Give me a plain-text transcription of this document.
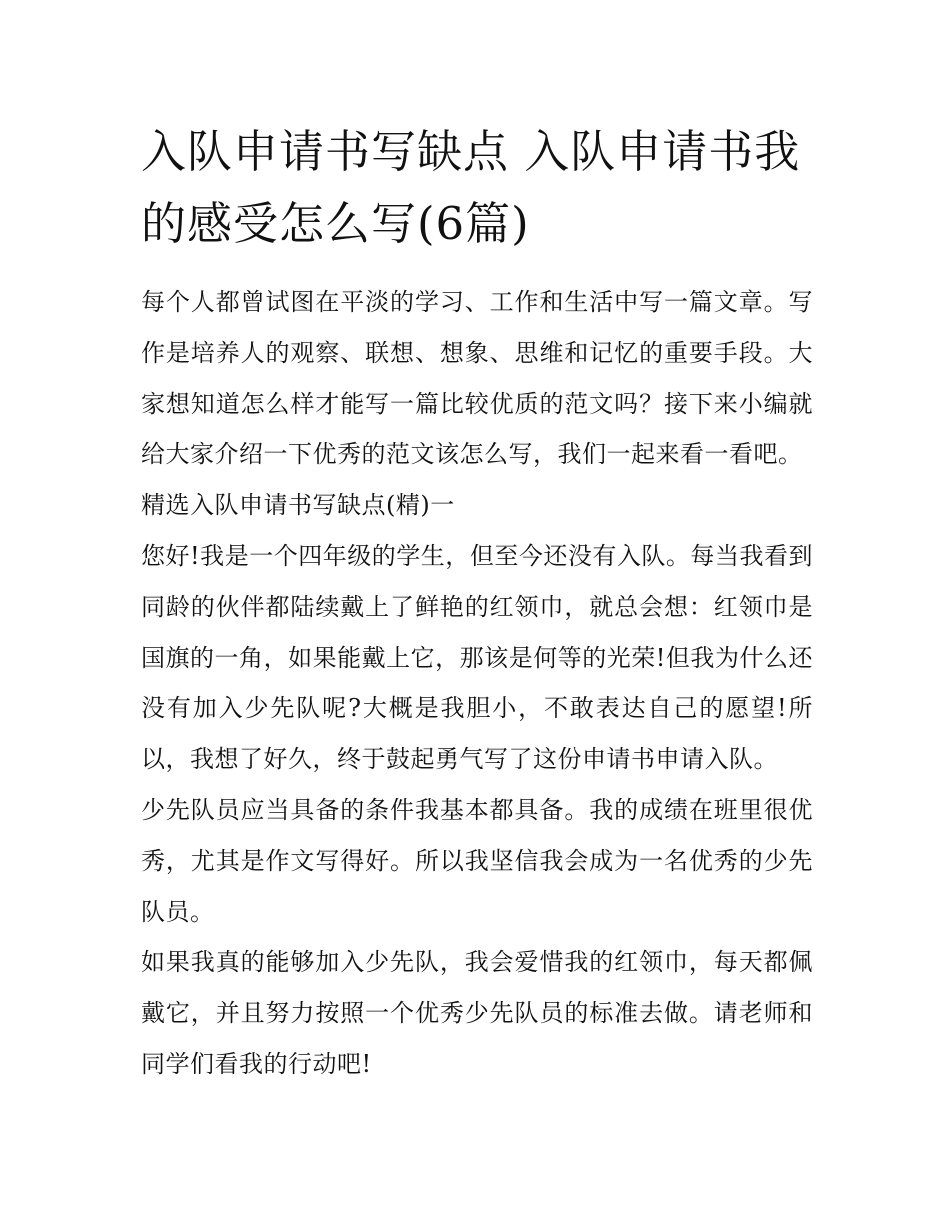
入队申请书写缺点 入队申请书我的感受怎么写(6篇)

每个人都曾试图在平淡的学习、工作和生活中写一篇文章。写作是培养人的观察、联想、想象、思维和记忆的重要手段。大家想知道怎么样才能写一篇比较优质的范文吗？接下来小编就给大家介绍一下优秀的范文该怎么写，我们一起来看一看吧。

精选入队申请书写缺点(精)一

您好!我是一个四年级的学生，但至今还没有入队。每当我看到同龄的伙伴都陆续戴上了鲜艳的红领巾，就总会想：红领巾是国旗的一角，如果能戴上它，那该是何等的光荣!但我为什么还没有加入少先队呢?大概是我胆小，不敢表达自己的愿望!所以，我想了好久，终于鼓起勇气写了这份申请书申请入队。

少先队员应当具备的条件我基本都具备。我的成绩在班里很优秀，尤其是作文写得好。所以我坚信我会成为一名优秀的少先队员。

如果我真的能够加入少先队，我会爱惜我的红领巾，每天都佩戴它，并且努力按照一个优秀少先队员的标准去做。请老师和同学们看我的行动吧!
